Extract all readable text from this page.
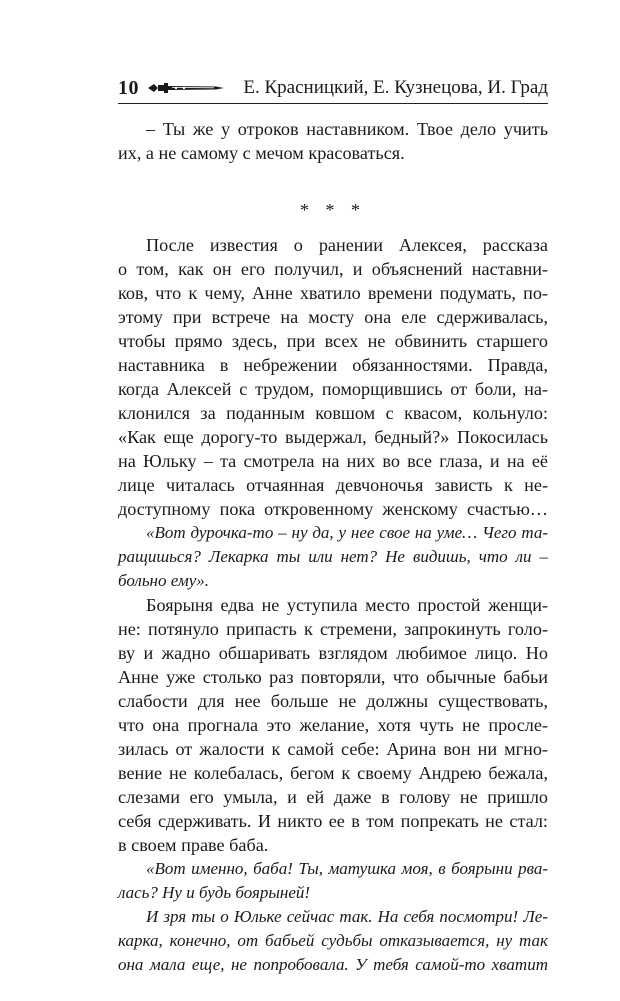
10	Е. Красницкий, Е. Кузнецова, И. Град
– Ты же у отроков наставником. Твое дело учить
их, а не самому с мечом красоваться.
* * *
После известия о ранении Алексея, рассказа
о том, как он его получил, и объяснений наставни-
ков, что к чему, Анне хватило времени подумать, по-
этому при встрече на мосту она еле сдерживалась,
чтобы прямо здесь, при всех не обвинить старшего
наставника в небрежении обязанностями. Правда,
когда Алексей с трудом, поморщившись от боли, на-
клонился за поданным ковшом с квасом, кольнуло:
«Как еще дорогу-то выдержал, бедный?» Покосилась
на Юльку – та смотрела на них во все глаза, и на её
лице читалась отчаянная девчоночья зависть к не-
доступному пока откровенному женскому счастью…
«Вот дурочка-то – ну да, у нее свое на уме… Чего та-
ращишься? Лекарка ты или нет? Не видишь, что ли –
больно ему».
Боярыня едва не уступила место простой женщи-
не: потянуло припасть к стремени, запрокинуть голо-
ву и жадно обшаривать взглядом любимое лицо. Но
Анне уже столько раз повторяли, что обычные бабьи
слабости для нее больше не должны существовать,
что она прогнала это желание, хотя чуть не просле-
зилась от жалости к самой себе: Арина вон ни мгно-
вение не колебалась, бегом к своему Андрею бежала,
слезами его умыла, и ей даже в голову не пришло
себя сдерживать. И никто ее в том попрекать не стал:
в своем праве баба.
«Вот именно, баба! Ты, матушка моя, в боярыни рва-
лась? Ну и будь боярыней!
И зря ты о Юльке сейчас так. На себя посмотри! Ле-
карка, конечно, от бабьей судьбы отказывается, ну так
она мала еще, не попробовала. У тебя самой-то хватит
